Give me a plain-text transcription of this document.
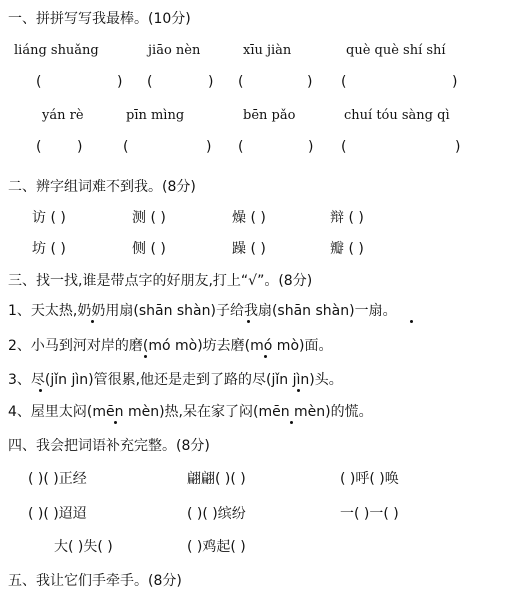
一、拼拼写写我最棒。(10分)
liáng shuǎng	jiāo nèn	xīu jiàn	què què shí shí
(	) (	) (	) (	)
yán rè	pīn mìng	bēn pǎo	chuí tóu sàng qì
(	)	(	) (	) (	)
二、辨字组词难不到我。(8分)
访 ( )	测 ( )	燥 ( )	辩 ( )
坊 ( )	侧 ( )	躁 ( )	瓣 ( )
三、找一找,谁是带点字的好朋友,打上“√”。(8分)
1、天太热,奶奶用扇(shān shàn)子给我扇(shān shàn)一扇。
2、小马到河对岸的磨(mó mò)坊去磨(mó mò)面。
3、尽(jǐn jìn)管很累,他还是走到了路的尽(jǐn jìn)头。
4、屋里太闷(mēn mèn)热,呆在家了闷(mēn mèn)的慌。
四、我会把词语补充完整。(8分)
( )( )正经	翩翩( )( )	( )呼( )唤
( )( )迢迢	( )( )缤纷	一( )一( )
大( )失( )	( )鸡起( )
五、我让它们手牵手。(8分)
